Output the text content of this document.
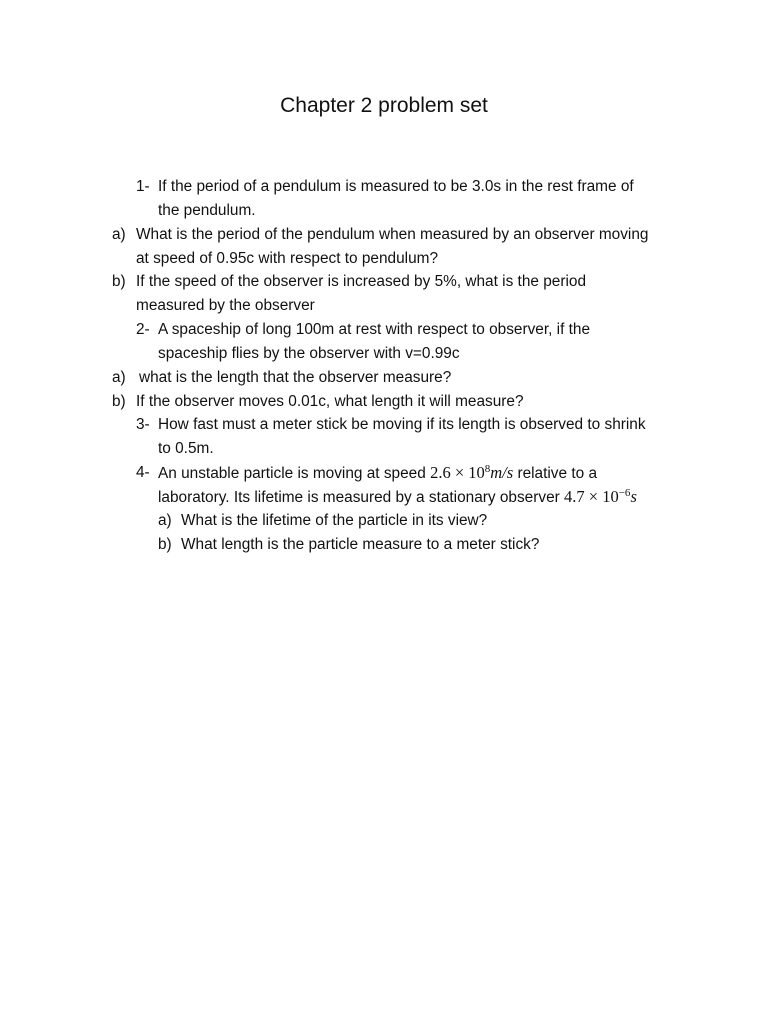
Chapter 2 problem set
1- If the period of a pendulum is measured to be 3.0s in the rest frame of
the pendulum.
a) What is the period of the pendulum when measured by an observer moving
at speed of 0.95c with respect to pendulum?
b) If the speed of the observer is increased by 5%, what is the period
measured by the observer
2- A spaceship of long 100m at rest with respect to observer, if the
spaceship flies by the observer with v=0.99c
a) what is the length that the observer measure?
b) If the observer moves 0.01c, what length it will measure?
3- How fast must a meter stick be moving if its length is observed to shrink
to 0.5m.
4- An unstable particle is moving at speed $2.6 \times 10^8m/s$ relative to a
laboratory. Its lifetime is measured by a stationary observer $4.7 \times 10^{-6}s$
a) What is the lifetime of the particle in its view?
b) What length is the particle measure to a meter stick?
